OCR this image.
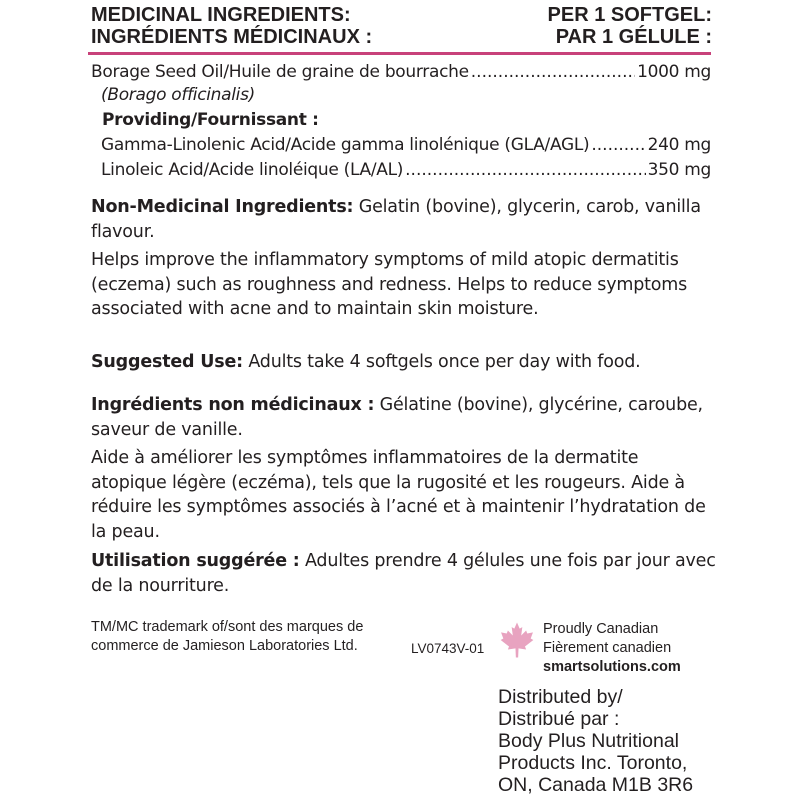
MEDICINAL INGREDIENTS:
INGRÉDIENTS MÉDICINAUX :
PER 1 SOFTGEL:
PAR 1 GÉLULE :
Borage Seed Oil/Huile de graine de bourrache .....	1000 mg
(Borago officinalis)
Providing/Fournissant :
Gamma-Linolenic Acid/Acide gamma linolénique (GLA/AGL) .....	240 mg
Linoleic Acid/Acide linoléique (LA/AL) .....	350 mg
Non-Medicinal Ingredients: Gelatin (bovine), glycerin, carob, vanilla flavour.
Helps improve the inflammatory symptoms of mild atopic dermatitis (eczema) such as roughness and redness. Helps to reduce symptoms associated with acne and to maintain skin moisture.
Suggested Use: Adults take 4 softgels once per day with food.
Ingrédients non médicinaux : Gélatine (bovine), glycérine, caroube, saveur de vanille.
Aide à améliorer les symptômes inflammatoires de la dermatite atopique légère (eczéma), tels que la rugosité et les rougeurs. Aide à réduire les symptômes associés à l’acné et à maintenir l’hydratation de la peau.
Utilisation suggérée : Adultes prendre 4 gélules une fois par jour avec de la nourriture.
TM/MC trademark of/sont des marques de
commerce de Jamieson Laboratories Ltd.	LV0743V-01
Proudly Canadian
Fièrement canadien
smartsolutions.com
Distributed by/
Distribué par :
Body Plus Nutritional
Products Inc. Toronto,
ON, Canada M1B 3R6
